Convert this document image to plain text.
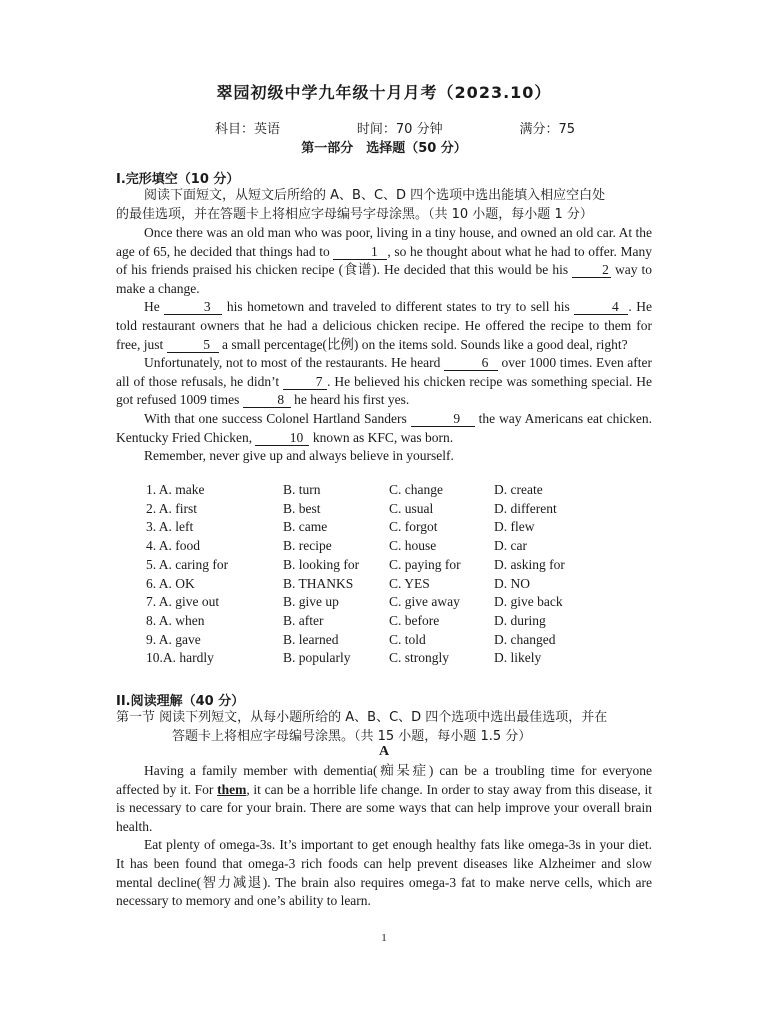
翠园初级中学九年级十月月考（2023.10）
科目：英语	时间：70 分钟	满分：75
第一部分　选择题（50 分）
I.完形填空（10 分）
阅读下面短文，从短文后所给的 A、B、C、D 四个选项中选出能填入相应空白处
的最佳选项，并在答题卡上将相应字母编号字母涂黑。（共 10 小题，每小题 1 分）

Once there was an old man who was poor, living in a tiny house, and owned an old car. At the age of 65, he decided that things had to	1 , so he thought about what he had to offer. Many of his friends praised his chicken recipe (食谱). He decided that this would be his	2 way to make a change.

He	3 his hometown and traveled to different states to try to sell his	4 . He told restaurant owners that he had a delicious chicken recipe. He offered the recipe to them for free, just	5 a small percentage(比例) on the items sold. Sounds like a good deal, right?

Unfortunately, not to most of the restaurants. He heard	6 over 1000 times. Even after all of those refusals, he didn’t	7 . He believed his chicken recipe was something special. He got refused 1009 times	8 he heard his first yes.

With that one success Colonel Hartland Sanders	9 the way Americans eat chicken. Kentucky Fried Chicken,	10 known as KFC, was born.

Remember, never give up and always believe in yourself.

1. A. make	B. turn	C. change	D. create
2. A. first	B. best	C. usual	D. different
3. A. left	B. came	C. forgot	D. flew
4. A. food	B. recipe	C. house	D. car
5. A. caring for	B. looking for	C. paying for	D. asking for
6. A. OK	B. THANKS	C. YES	D. NO
7. A. give out	B. give up	C. give away	D. give back
8. A. when	B. after	C. before	D. during
9. A. gave	B. learned	C. told	D. changed
10.A. hardly	B. popularly	C. strongly	D. likely
II.阅读理解（40 分）
第一节 阅读下列短文，从每小题所给的 A、B、C、D 四个选项中选出最佳选项，并在
答题卡上将相应字母编号涂黑。（共 15 小题，每小题 1.5 分）
A

Having a family member with dementia(痴呆症) can be a troubling time for everyone affected by it. For them, it can be a horrible life change. In order to stay away from this disease, it is necessary to care for your brain. There are some ways that can help improve your overall brain health.

Eat plenty of omega-3s. It’s important to get enough healthy fats like omega-3s in your diet. It has been found that omega-3 rich foods can help prevent diseases like Alzheimer and slow mental decline(智力减退). The brain also requires omega-3 fat to make nerve cells, which are necessary to memory and one’s ability to learn.

1
